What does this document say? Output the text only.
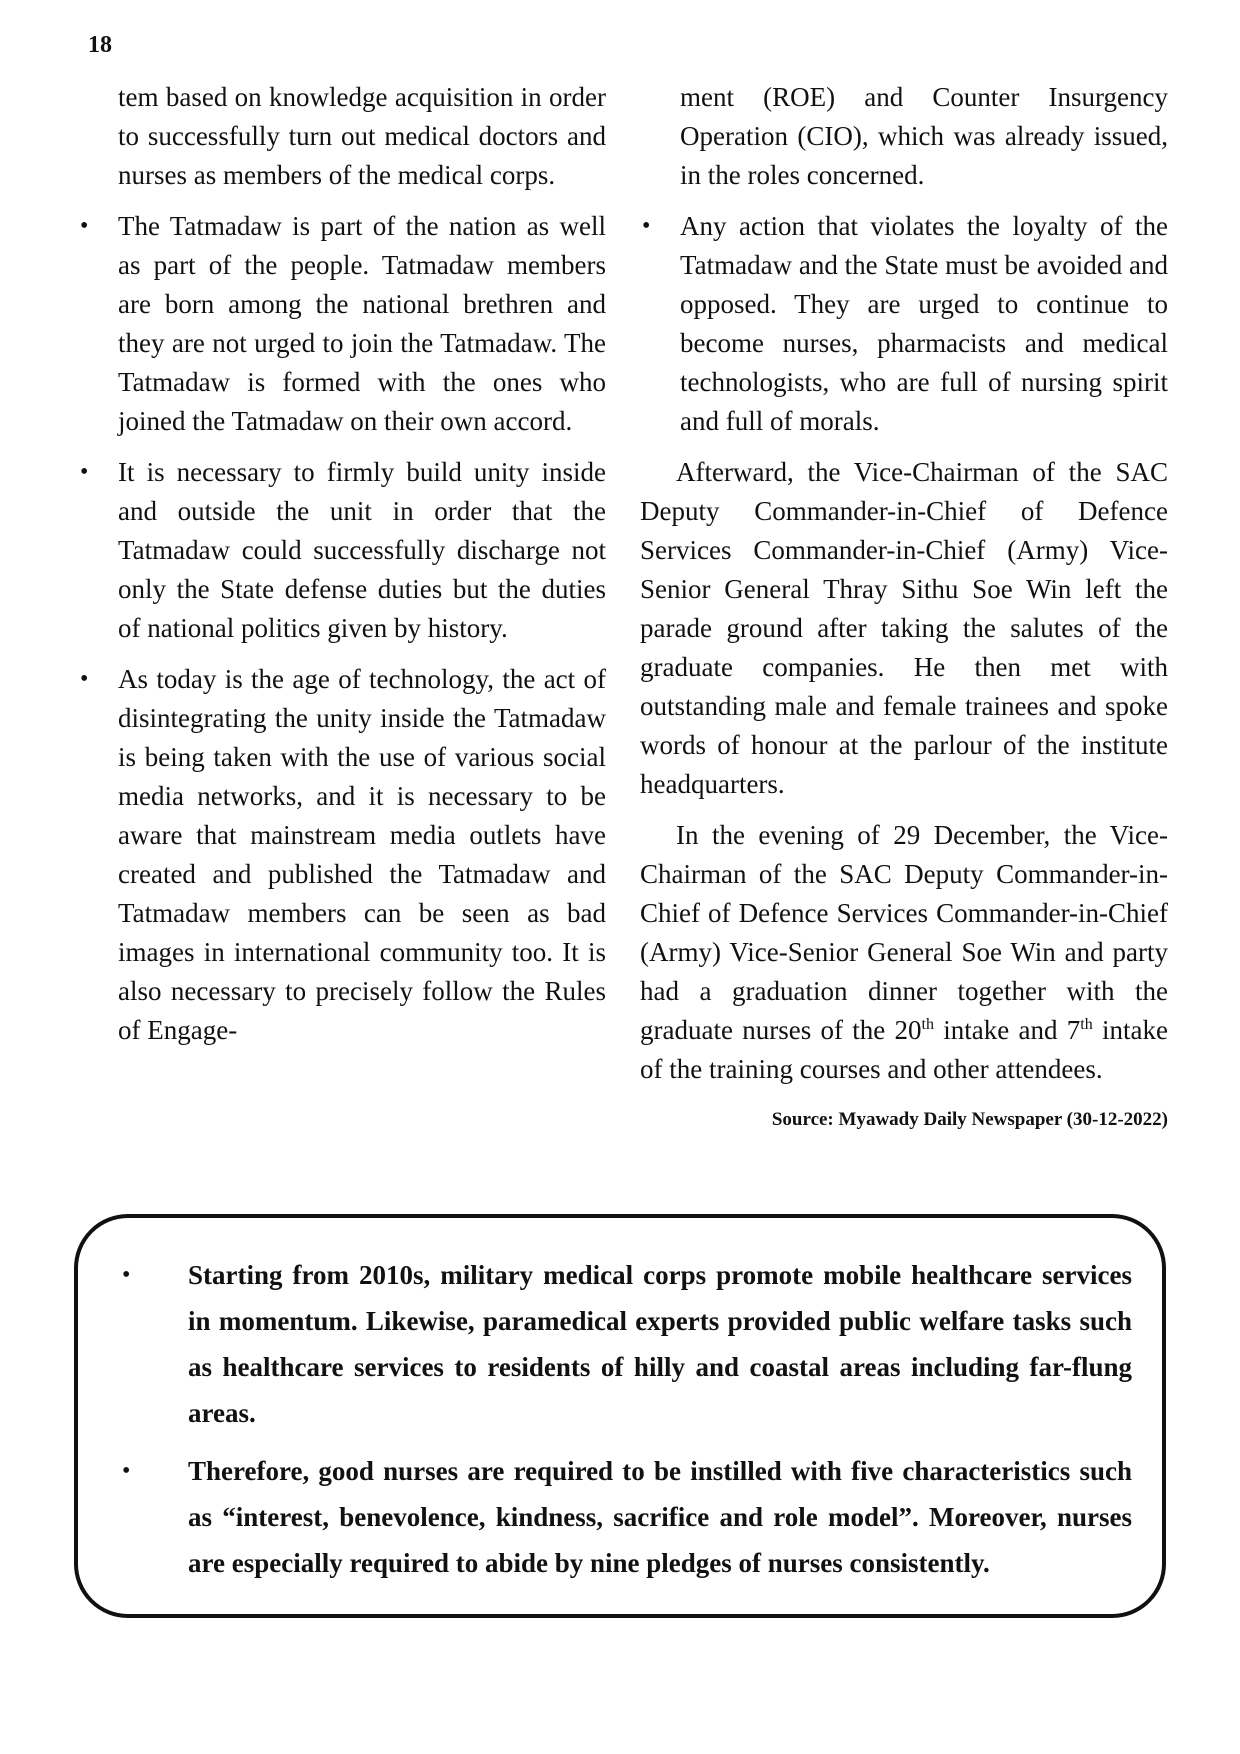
18

tem based on knowledge acquisition in order to successfully turn out medical doctors and nurses as members of the medical corps.

• The Tatmadaw is part of the nation as well as part of the people. Tatmadaw members are born among the national brethren and they are not urged to join the Tatmadaw. The Tatmadaw is formed with the ones who joined the Tatmadaw on their own accord.
• It is necessary to firmly build unity inside and outside the unit in order that the Tatmadaw could successfully discharge not only the State defense duties but the duties of national politics given by history.
• As today is the age of technology, the act of disintegrating the unity inside the Tatmadaw is being taken with the use of various social media networks, and it is necessary to be aware that mainstream media outlets have created and published the Tatmadaw and Tatmadaw members can be seen as bad images in international community too. It is also necessary to precisely follow the Rules of Engage-

ment (ROE) and Counter Insurgency Operation (CIO), which was already issued, in the roles concerned.

• Any action that violates the loyalty of the Tatmadaw and the State must be avoided and opposed. They are urged to continue to become nurses, pharmacists and medical technologists, who are full of nursing spirit and full of morals.

Afterward, the Vice-Chairman of the SAC Deputy Commander-in-Chief of Defence Services Commander-in-Chief (Army) Vice-Senior General Thray Sithu Soe Win left the parade ground after taking the salutes of the graduate companies. He then met with outstanding male and female trainees and spoke words of honour at the parlour of the institute headquarters.

In the evening of 29 December, the Vice-Chairman of the SAC Deputy Commander-in-Chief of Defence Services Commander-in-Chief (Army) Vice-Senior General Soe Win and party had a graduation dinner together with the graduate nurses of the 20th intake and 7th intake of the training courses and other attendees.

Source: Myawady Daily Newspaper (30-12-2022)
• Starting from 2010s, military medical corps promote mobile healthcare services in momentum. Likewise, paramedical experts provided public welfare tasks such as healthcare services to residents of hilly and coastal areas including far-flung areas.
• Therefore, good nurses are required to be instilled with five characteristics such as “interest, benevolence, kindness, sacrifice and role model”. Moreover, nurses are especially required to abide by nine pledges of nurses consistently.
